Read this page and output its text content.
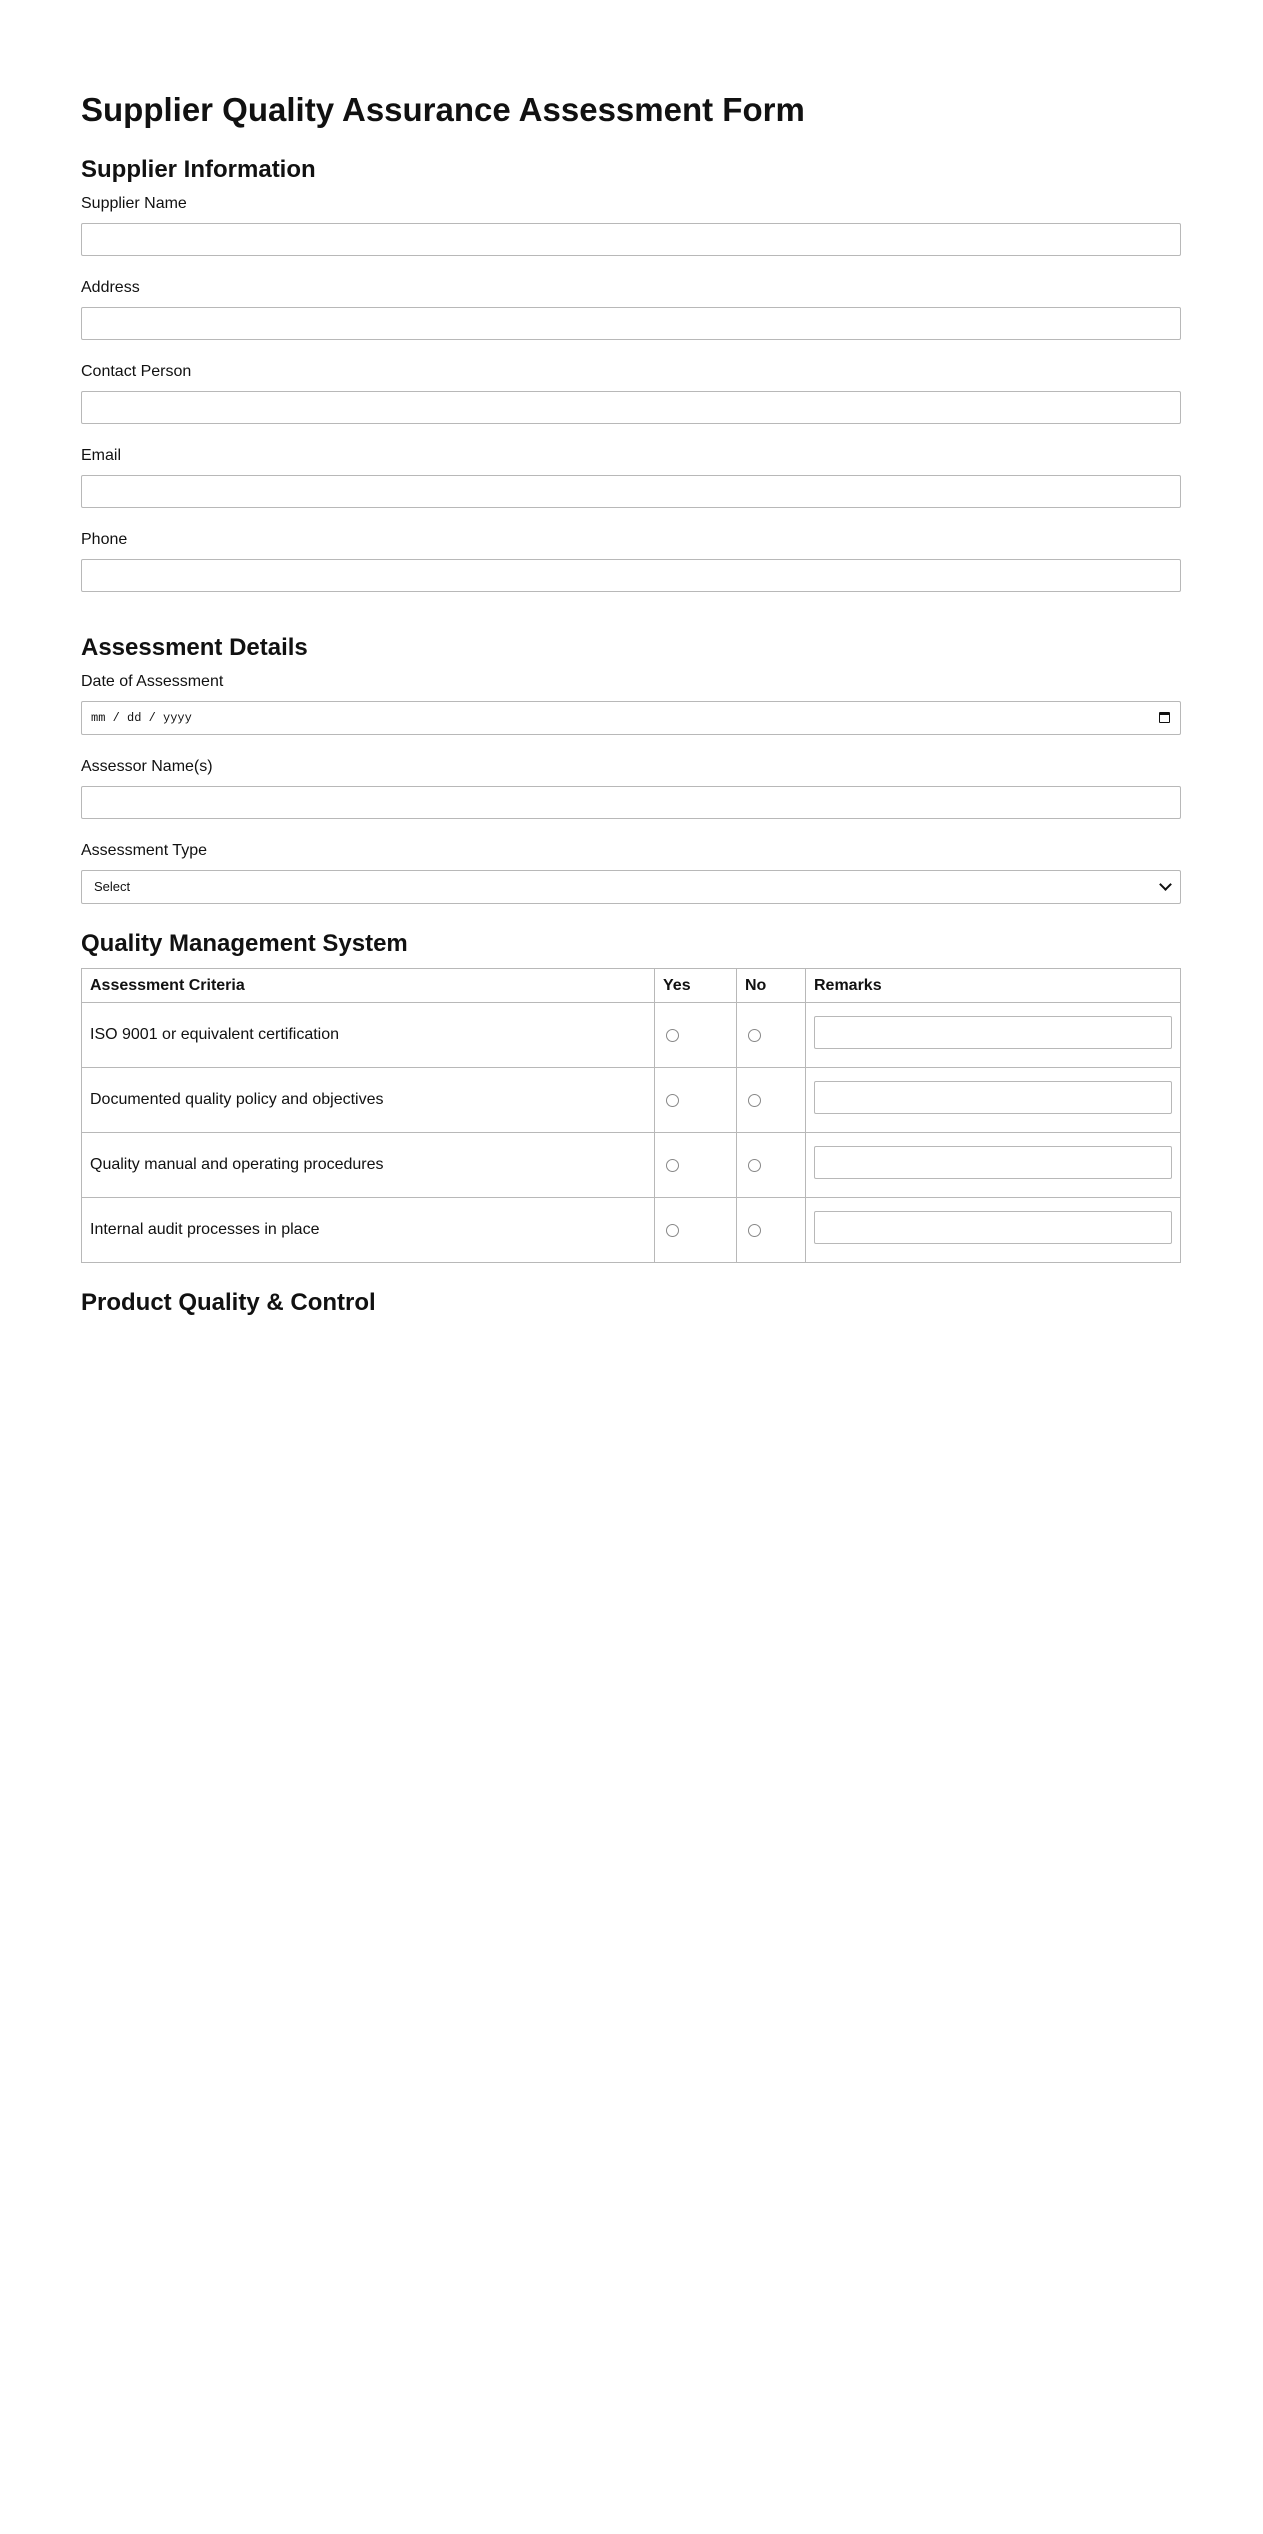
Supplier Quality Assurance Assessment Form
Supplier Information
Supplier Name
Address
Contact Person
Email
Phone
Assessment Details
Date of Assessment
mm / dd / yyyy
Assessor Name(s)
Assessment Type
Select
Quality Management System
Assessment Criteria	Yes	No	Remarks
ISO 9001 or equivalent certification			

Documented quality policy and objectives			

Quality manual and operating procedures			

Internal audit processes in place			
Product Quality & Control
